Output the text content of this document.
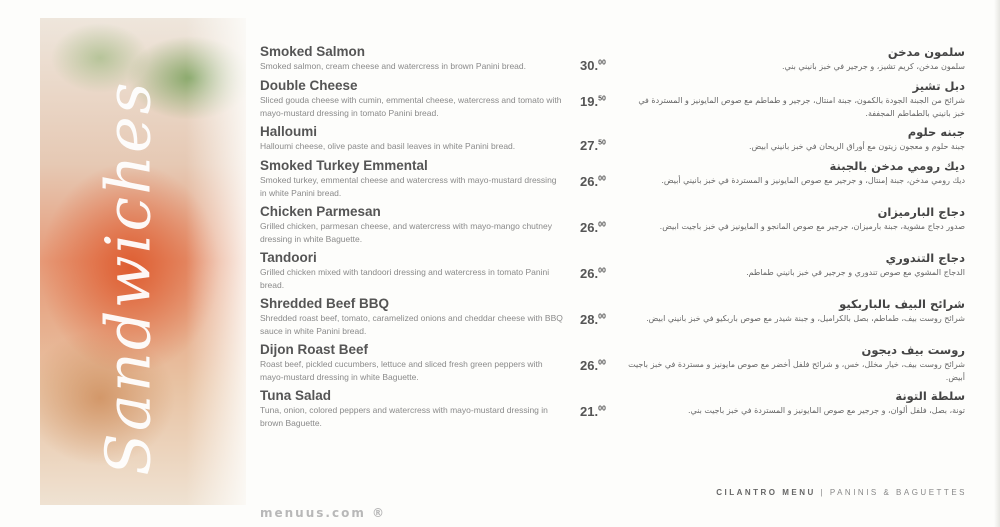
Sandwiches
Smoked Salmon
Smoked salmon, cream cheese and watercress in brown Panini bread.	30.00
سلمون مدخن
سلمون مدخن، كريم تشيز، و جرجير في خبز بانيني بني.
Double Cheese
Sliced gouda cheese with cumin, emmental cheese, watercress and tomato with mayo-mustard dressing in tomato Panini bread.
19.50
دبل تشيز
شرائح من الجبنة الجودة بالكمون، جبنة امنتال، جرجير و طماطم مع صوص المايونيز و المستردة في خبز بانيني بالطماطم المجففة.
Halloumi
Halloumi cheese, olive paste and basil leaves in white Panini bread.	27.50
جبنه حلوم
جبنة حلوم و معجون زيتون مع أوراق الريحان في خبز بانيني ابيض.
Smoked Turkey Emmental
Smoked turkey, emmental cheese and watercress with mayo-mustard dressing in white Panini bread.
26.00
ديك رومي مدخن بالجبنة
ديك رومي مدخن، جبنة إمنتال، و جرجير مع صوص المايونيز و المستردة في خبز بانيني أبيض.
Chicken Parmesan
Grilled chicken, parmesan cheese, and watercress with mayo-mango chutney dressing in white Baguette.
26.00
دجاج البارميزان
صدور دجاج مشوية، جبنة بارميزان، جرجير مع صوص المانجو و المايونيز في خبز باجيت ابيض.
Tandoori
Grilled chicken mixed with tandoori dressing and watercress in tomato Panini bread.
26.00
دجاج التندوري
الدجاج المشوي مع صوص تندوري و جرجير في خبز بانيني طماطم.
Shredded Beef BBQ
Shredded roast beef, tomato, caramelized onions and cheddar cheese with BBQ sauce in white Panini bread.
28.00
شرائح البيف بالباربكيو
شرائح روست بيف، طماطم، بصل بالكراميل، و جبنة شيدر مع صوص باربكيو في خبز بانيني ابيض.
Dijon Roast Beef
Roast beef, pickled cucumbers, lettuce and sliced fresh green peppers with mayo-mustard dressing in white Baguette.
26.00
روست بيف ديجون
شرائح روست بيف، خيار مخلل، خس، و شرائح فلفل أخضر مع صوص مايونيز و مستردة في خبز باجيت أبيض.
Tuna Salad
Tuna, onion, colored peppers and watercress with mayo-mustard dressing in brown Baguette.
21.00
سلطة التونة
تونة، بصل، فلفل ألوان، و جرجير مع صوص المايونيز و المستردة في خبز باجيت بني.
menuus.com ®
CILANTRO MENU | PANINIS & BAGUETTES
